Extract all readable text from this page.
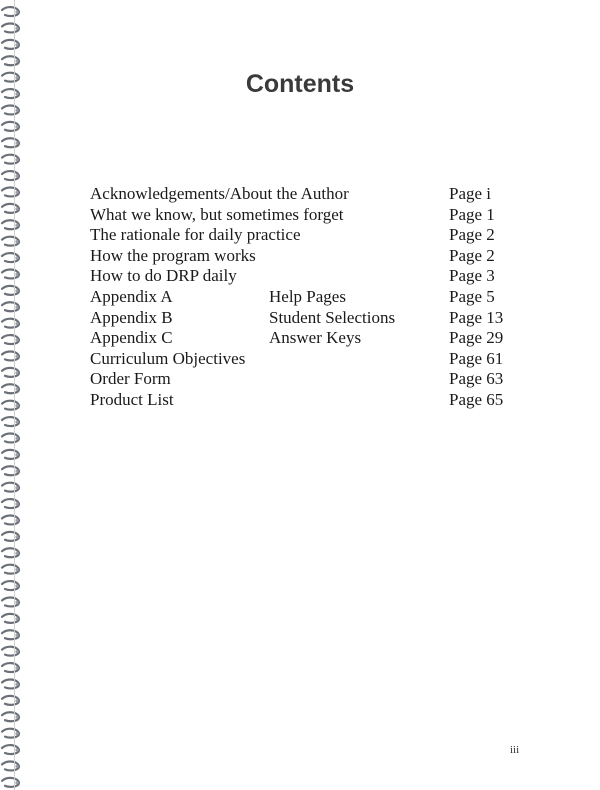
Contents
Acknowledgements/About the Author	Page i
What we know, but sometimes forget	Page 1
The rationale for daily practice	Page 2
How the program works	Page 2
How to do DRP daily	Page 3
Appendix A	Help Pages	Page 5
Appendix B	Student Selections	Page 13
Appendix C	Answer Keys	Page 29
Curriculum Objectives	Page 61
Order Form	Page 63
Product List	Page 65
iii
